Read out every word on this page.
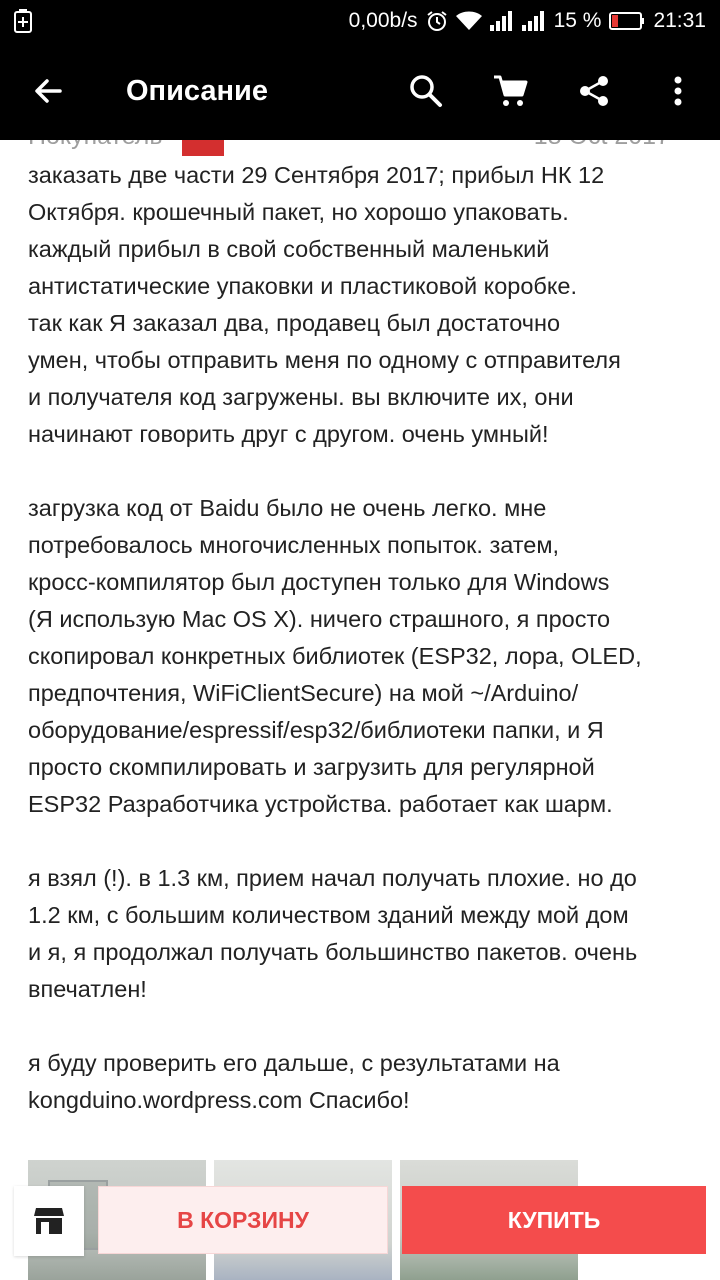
0,00b/s	15 % 21:31
Описание

заказать две части 29 Сентября 2017; прибыл НК 12
Октября. крошечный пакет, но хорошо упаковать.
каждый прибыл в свой собственный маленький
антистатические упаковки и пластиковой коробке.
так как Я заказал два, продавец был достаточно
умен, чтобы отправить меня по одному с отправителя
и получателя код загружены. вы включите их, они
начинают говорить друг с другом. очень умный!

загрузка код от Baidu было не очень легко. мне
потребовалось многочисленных попыток. затем,
кросс-компилятор был доступен только для Windows
(Я использую Mac OS X). ничего страшного, я просто
скопировал конкретных библиотек (ESP32, лора, OLED,
предпочтения, WiFiClientSecure) на мой ~/Arduino/
оборудование/espressif/esp32/библиотеки папки, и Я
просто скомпилировать и загрузить для регулярной
ESP32 Разработчика устройства. работает как шарм.

я взял (!). в 1.3 км, прием начал получать плохие. но до
1.2 км, с большим количеством зданий между мой дом
и я, я продолжал получать большинство пакетов. очень
впечатлен!

я буду проверить его дальше, с результатами на
kongduino.wordpress.com Спасибо!

В КОРЗИНУ	КУПИТЬ
